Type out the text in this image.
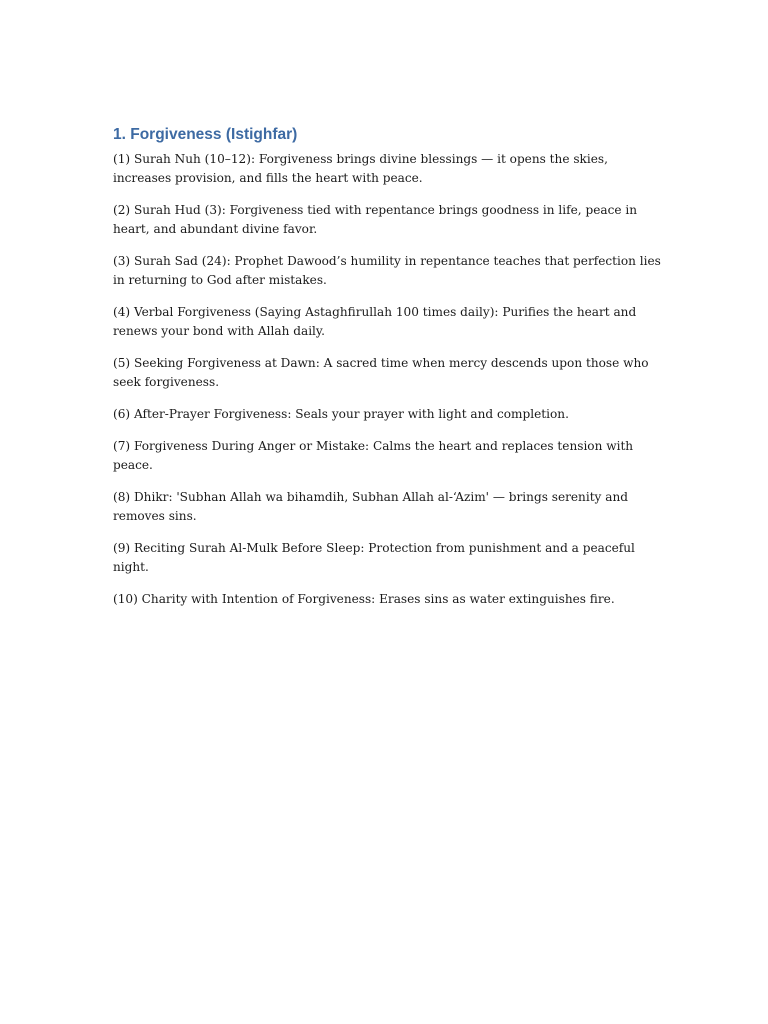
1. Forgiveness (Istighfar)

(1) Surah Nuh (10–12): Forgiveness brings divine blessings — it opens the skies, increases provision, and fills the heart with peace.

(2) Surah Hud (3): Forgiveness tied with repentance brings goodness in life, peace in heart, and abundant divine favor.

(3) Surah Sad (24): Prophet Dawood’s humility in repentance teaches that perfection lies in returning to God after mistakes.

(4) Verbal Forgiveness (Saying Astaghfirullah 100 times daily): Purifies the heart and renews your bond with Allah daily.

(5) Seeking Forgiveness at Dawn: A sacred time when mercy descends upon those who seek forgiveness.

(6) After-Prayer Forgiveness: Seals your prayer with light and completion.

(7) Forgiveness During Anger or Mistake: Calms the heart and replaces tension with peace.

(8) Dhikr: 'Subhan Allah wa bihamdih, Subhan Allah al-‘Azim' — brings serenity and removes sins.

(9) Reciting Surah Al-Mulk Before Sleep: Protection from punishment and a peaceful night.

(10) Charity with Intention of Forgiveness: Erases sins as water extinguishes fire.
